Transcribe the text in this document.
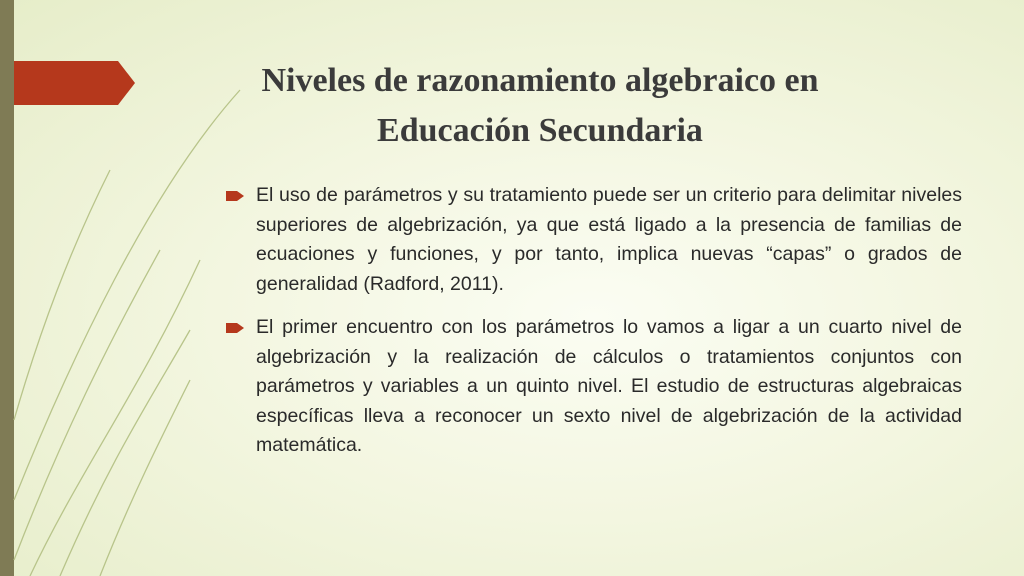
Niveles de razonamiento algebraico en
Educación Secundaria
El uso de parámetros y su tratamiento puede ser un criterio para delimitar niveles superiores de algebrización, ya que está ligado a la presencia de familias de ecuaciones y funciones, y por tanto, implica nuevas “capas” o grados de generalidad (Radford, 2011).
El primer encuentro con los parámetros lo vamos a ligar a un cuarto nivel de algebrización y la realización de cálculos o tratamientos conjuntos con parámetros y variables a un quinto nivel. El estudio de estructuras algebraicas específicas lleva a reconocer un sexto nivel de algebrización de la actividad matemática.
